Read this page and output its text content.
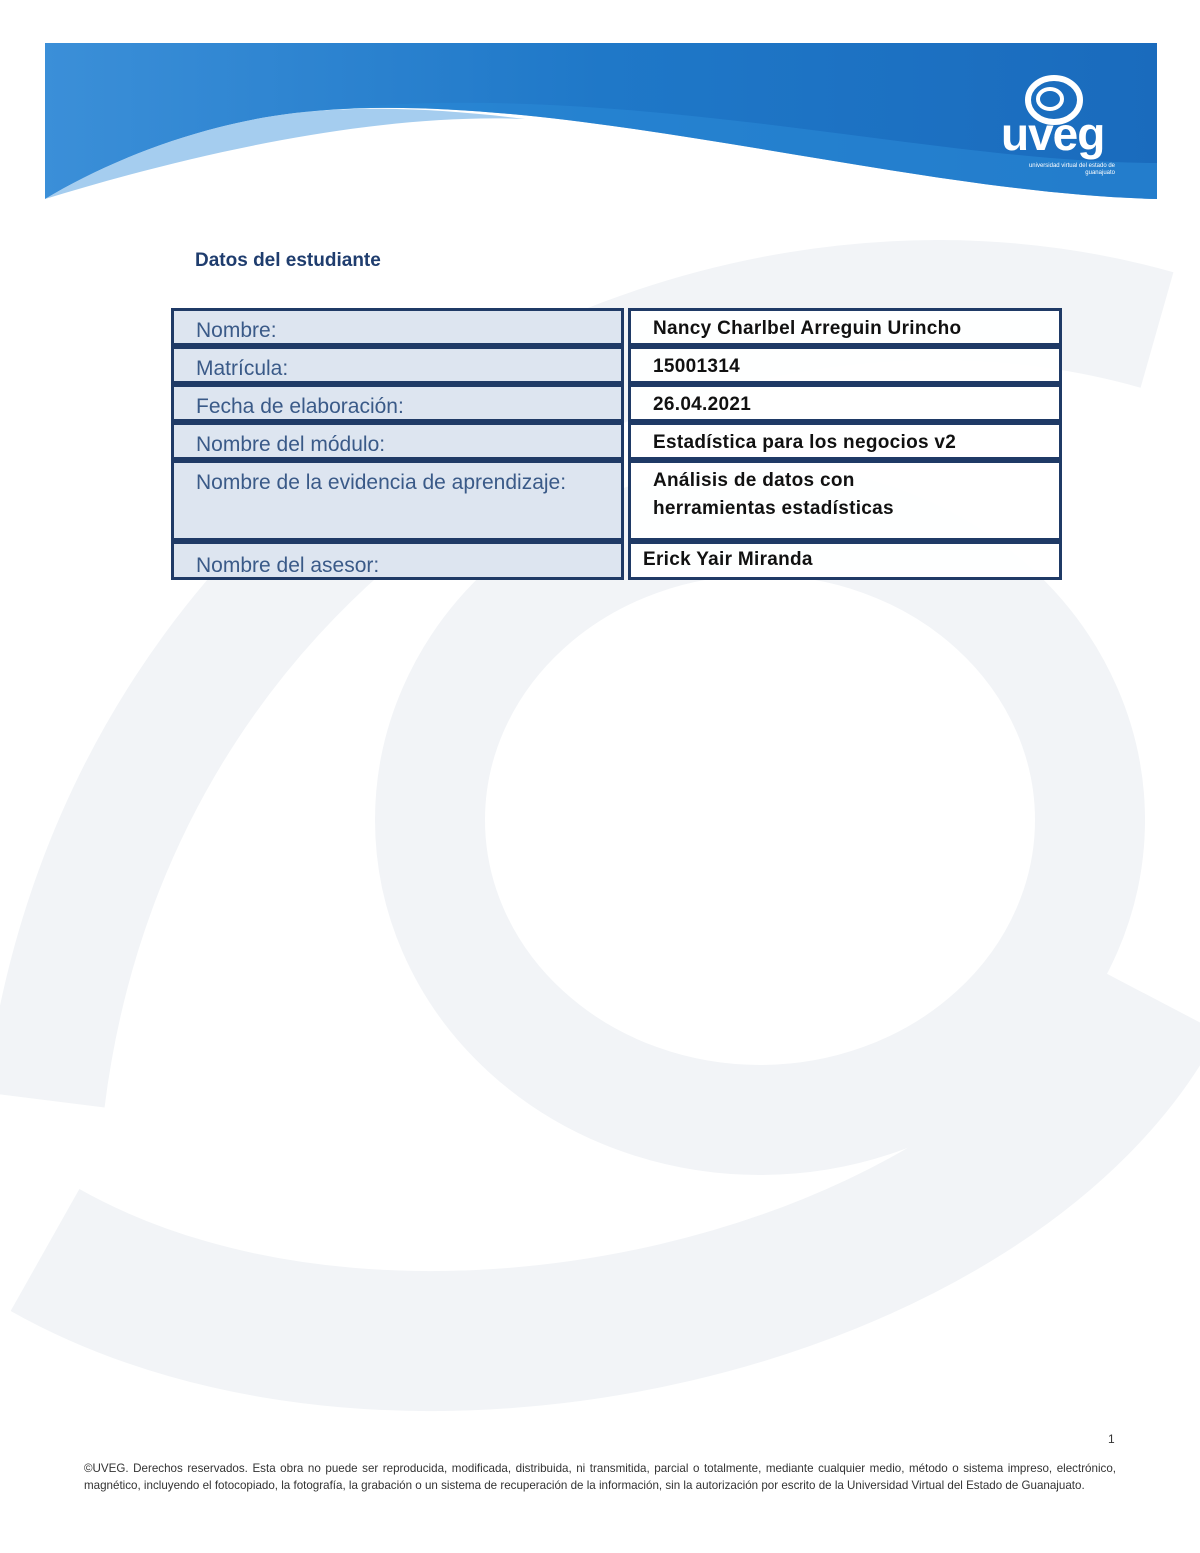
uveg
universidad virtual del estado de guanajuato
Datos del estudiante
Nombre:	Nancy Charlbel Arreguin Urincho
Matrícula:	15001314
Fecha de elaboración:	26.04.2021
Nombre del módulo:	Estadística para los negocios v2
Nombre de la evidencia de aprendizaje:	Análisis de datos con herramientas estadísticas
Nombre del asesor:	Erick Yair Miranda
1
©UVEG. Derechos reservados. Esta obra no puede ser reproducida, modificada, distribuida, ni transmitida, parcial o totalmente, mediante cualquier medio, método o sistema impreso, electrónico, magnético, incluyendo el fotocopiado, la fotografía, la grabación o un sistema de recuperación de la información, sin la autorización por escrito de la Universidad Virtual del Estado de Guanajuato.
